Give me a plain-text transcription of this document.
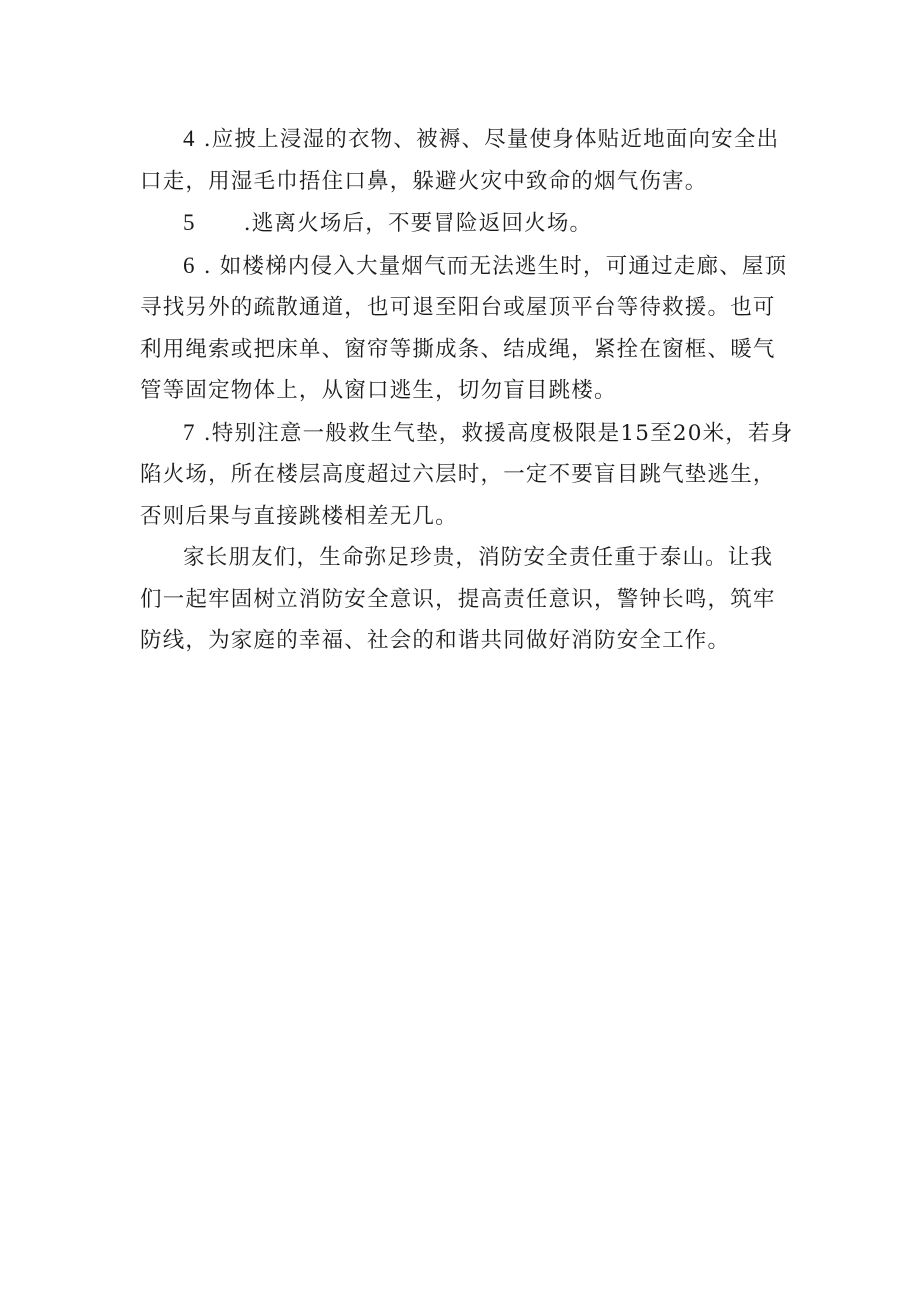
4 .应披上浸湿的衣物、被褥、尽量使身体贴近地面向安全出
口走，用湿毛巾捂住口鼻，躲避火灾中致命的烟气伤害。

5 .逃离火场后，不要冒险返回火场。

6 . 如楼梯内侵入大量烟气而无法逃生时，可通过走廊、屋顶
寻找另外的疏散通道，也可退至阳台或屋顶平台等待救援。也可
利用绳索或把床单、窗帘等撕成条、结成绳，紧拴在窗框、暖气
管等固定物体上，从窗口逃生，切勿盲目跳楼。

7 .特别注意一般救生气垫，救援高度极限是15至20米，若身
陷火场，所在楼层高度超过六层时，一定不要盲目跳气垫逃生，
否则后果与直接跳楼相差无几。

家长朋友们，生命弥足珍贵，消防安全责任重于泰山。让我
们一起牢固树立消防安全意识，提高责任意识，警钟长鸣，筑牢
防线，为家庭的幸福、社会的和谐共同做好消防安全工作。
